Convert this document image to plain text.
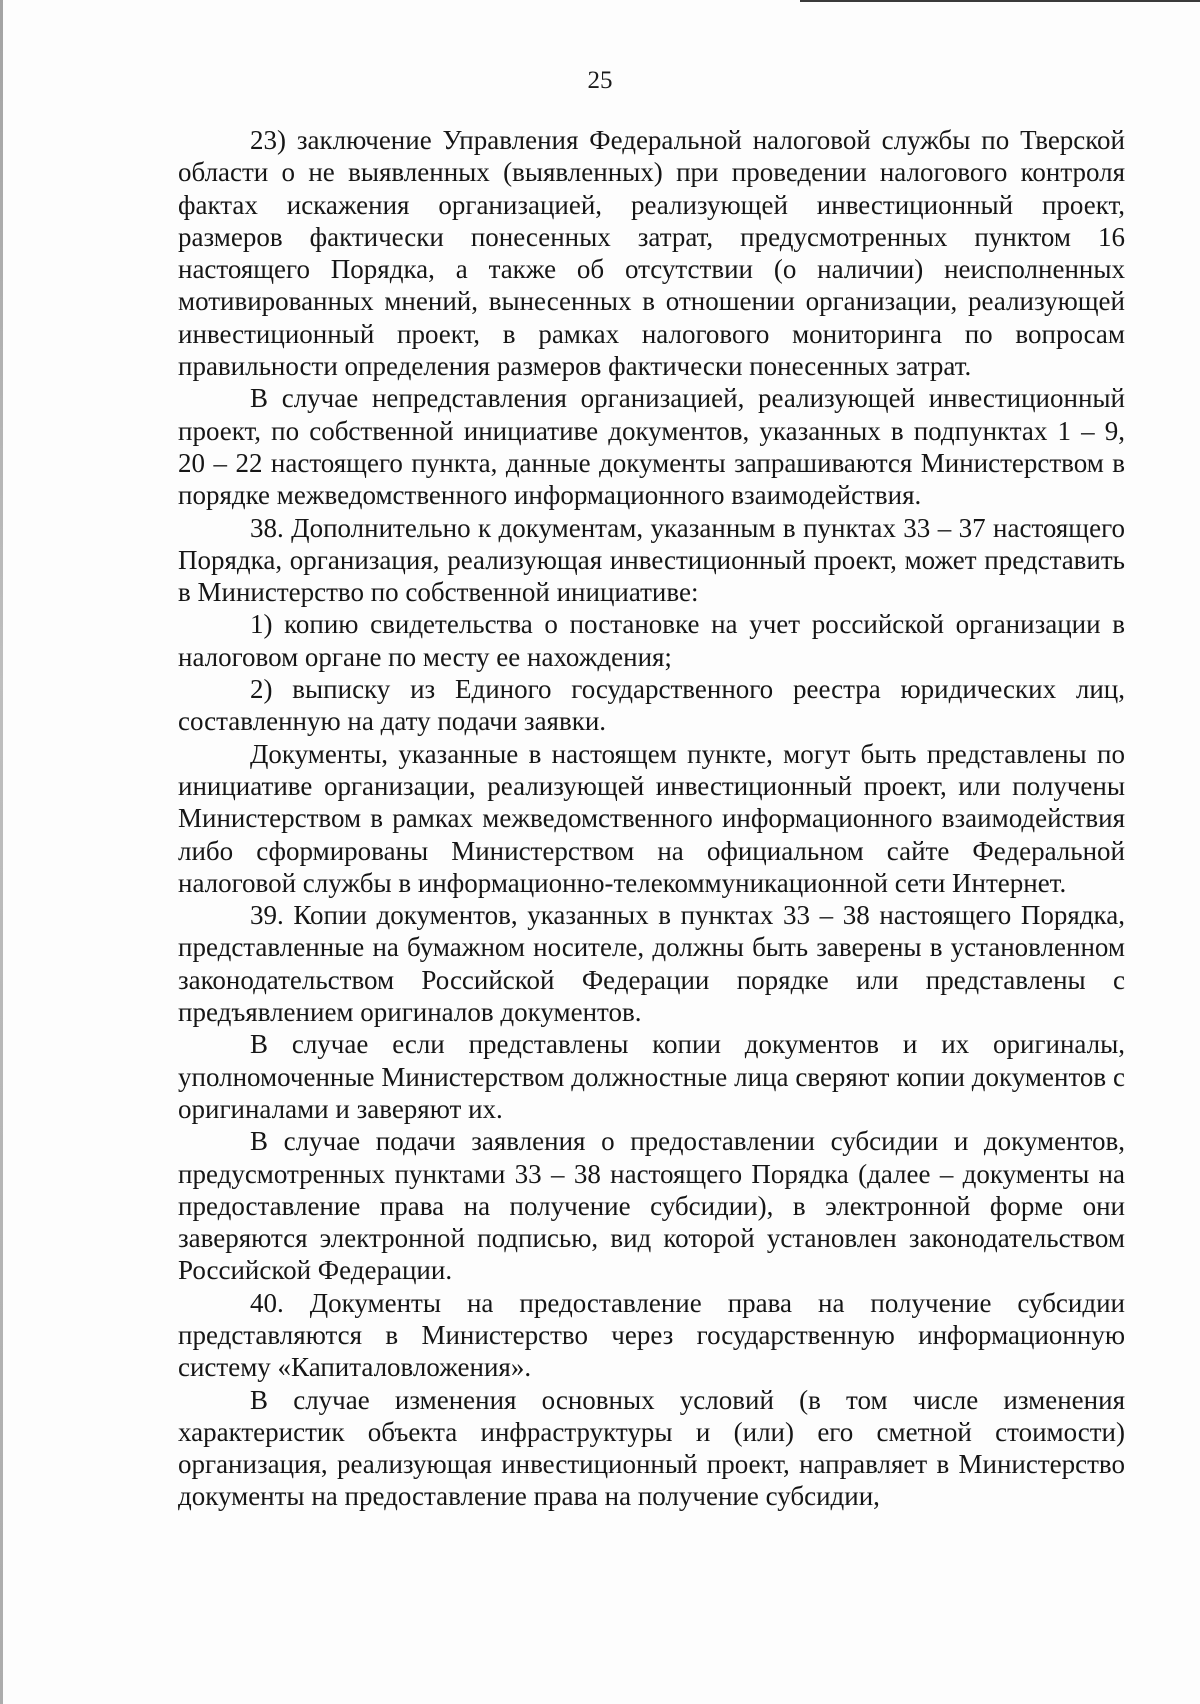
25

23) заключение Управления Федеральной налоговой службы по Тверской области о не выявленных (выявленных) при проведении налогового контроля фактах искажения организацией, реализующей инвестиционный проект, размеров фактически понесенных затрат, предусмотренных пунктом 16 настоящего Порядка, а также об отсутствии (о наличии) неисполненных мотивированных мнений, вынесенных в отношении организации, реализующей инвестиционный проект, в рамках налогового мониторинга по вопросам правильности определения размеров фактически понесенных затрат.

В случае непредставления организацией, реализующей инвестиционный проект, по собственной инициативе документов, указанных в подпунктах 1 – 9, 20 – 22 настоящего пункта, данные документы запрашиваются Министерством в порядке межведомственного информационного взаимодействия.

38. Дополнительно к документам, указанным в пунктах 33 – 37 настоящего Порядка, организация, реализующая инвестиционный проект, может представить в Министерство по собственной инициативе:

1) копию свидетельства о постановке на учет российской организации в налоговом органе по месту ее нахождения;

2) выписку из Единого государственного реестра юридических лиц, составленную на дату подачи заявки.

Документы, указанные в настоящем пункте, могут быть представлены по инициативе организации, реализующей инвестиционный проект, или получены Министерством в рамках межведомственного информационного взаимодействия либо сформированы Министерством на официальном сайте Федеральной налоговой службы в информационно-телекоммуникационной сети Интернет.

39. Копии документов, указанных в пунктах 33 – 38 настоящего Порядка, представленные на бумажном носителе, должны быть заверены в установленном законодательством Российской Федерации порядке или представлены с предъявлением оригиналов документов.

В случае если представлены копии документов и их оригиналы, уполномоченные Министерством должностные лица сверяют копии документов с оригиналами и заверяют их.

В случае подачи заявления о предоставлении субсидии и документов, предусмотренных пунктами 33 – 38 настоящего Порядка (далее – документы на предоставление права на получение субсидии), в электронной форме они заверяются электронной подписью, вид которой установлен законодательством Российской Федерации.

40. Документы на предоставление права на получение субсидии представляются в Министерство через государственную информационную систему «Капиталовложения».

В случае изменения основных условий (в том числе изменения характеристик объекта инфраструктуры и (или) его сметной стоимости) организация, реализующая инвестиционный проект, направляет в Министерство документы на предоставление права на получение субсидии,
